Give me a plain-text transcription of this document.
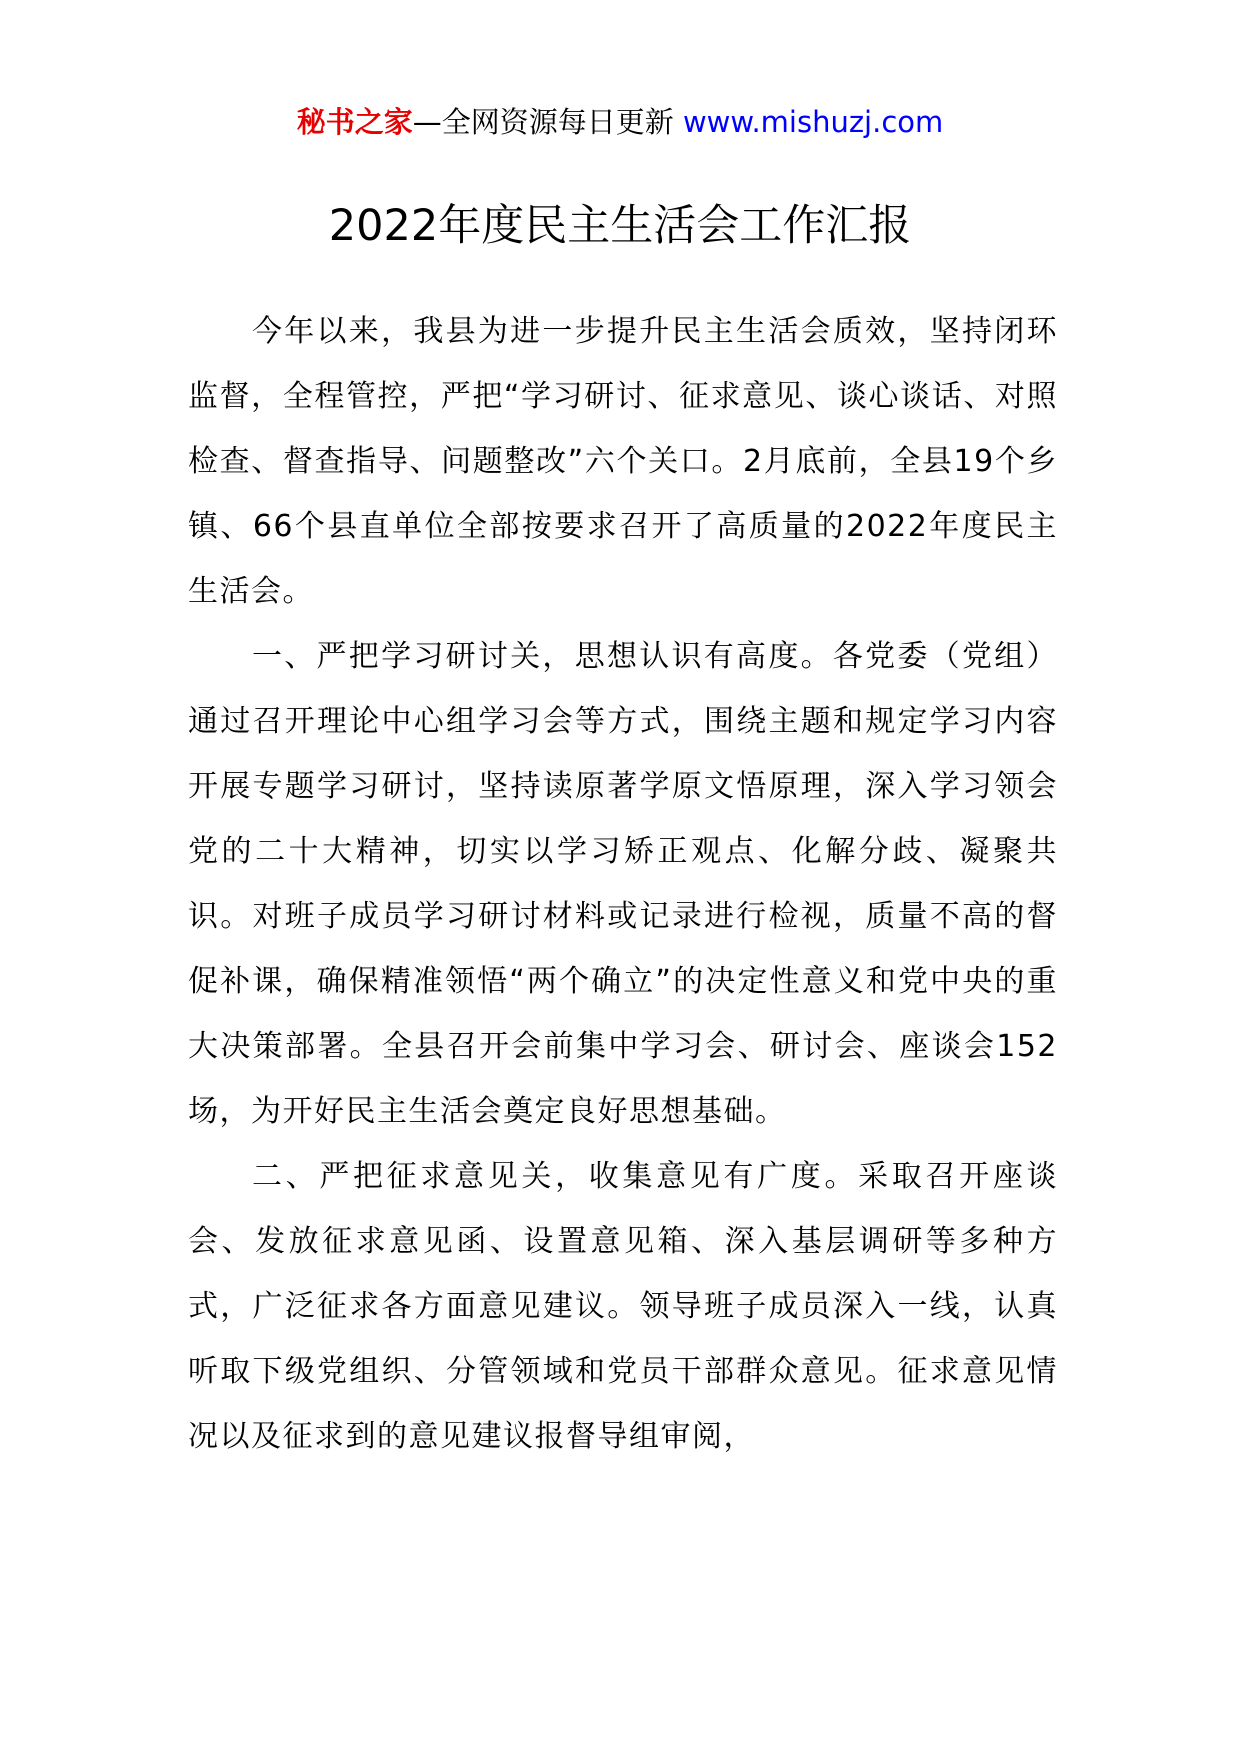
秘书之家—全网资源每日更新 www.mishuzj.com
2022年度民主生活会工作汇报

今年以来，我县为进一步提升民主生活会质效，坚持闭环监督，全程管控，严把“学习研讨、征求意见、谈心谈话、对照检查、督查指导、问题整改”六个关口。2月底前，全县19个乡镇、66个县直单位全部按要求召开了高质量的2022年度民主生活会。

一、严把学习研讨关，思想认识有高度。各党委（党组）通过召开理论中心组学习会等方式，围绕主题和规定学习内容开展专题学习研讨，坚持读原著学原文悟原理，深入学习领会党的二十大精神，切实以学习矫正观点、化解分歧、凝聚共识。对班子成员学习研讨材料或记录进行检视，质量不高的督促补课，确保精准领悟“两个确立”的决定性意义和党中央的重大决策部署。全县召开会前集中学习会、研讨会、座谈会152场，为开好民主生活会奠定良好思想基础。

二、严把征求意见关，收集意见有广度。采取召开座谈会、发放征求意见函、设置意见箱、深入基层调研等多种方式，广泛征求各方面意见建议。领导班子成员深入一线，认真听取下级党组织、分管领域和党员干部群众意见。征求意见情况以及征求到的意见建议报督导组审阅，
